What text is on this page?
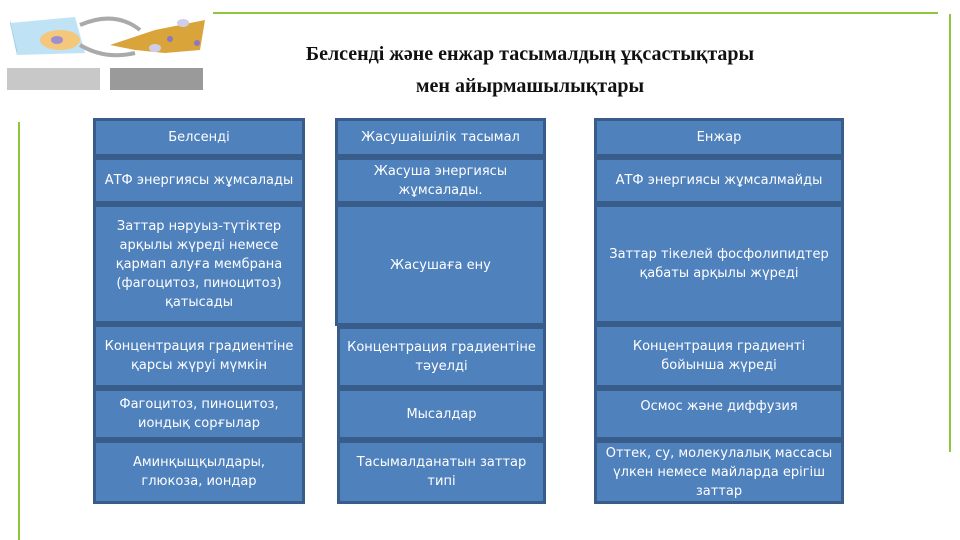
Белсенді және енжар тасымалдың ұқсастықтары
мен айырмашылықтары
Белсенді
АТФ энергиясы жұмсалады
Заттар нәруыз-түтіктер арқылы жүреді немесе қармап алуға мембрана (фагоцитоз, пиноцитоз) қатысады
Концентрация градиентіне қарсы жүруі мүмкін
Фагоцитоз, пиноцитоз, иондық сорғылар
Аминқыщқылдары, глюкоза, иондар
Жасушаішілік тасымал
Жасуша энергиясы жұмсалады.
Жасушаға ену
Концентрация градиентіне тәуелді
Мысалдар
Тасымалданатын заттар типі
Енжар
АТФ энергиясы жұмсалмайды
Заттар тікелей фосфолипидтер қабаты арқылы жүреді
Концентрация градиенті бойынша жүреді
Осмос және диффузия
Оттек, су, молекулалық массасы үлкен немесе майларда ерігіш заттар
